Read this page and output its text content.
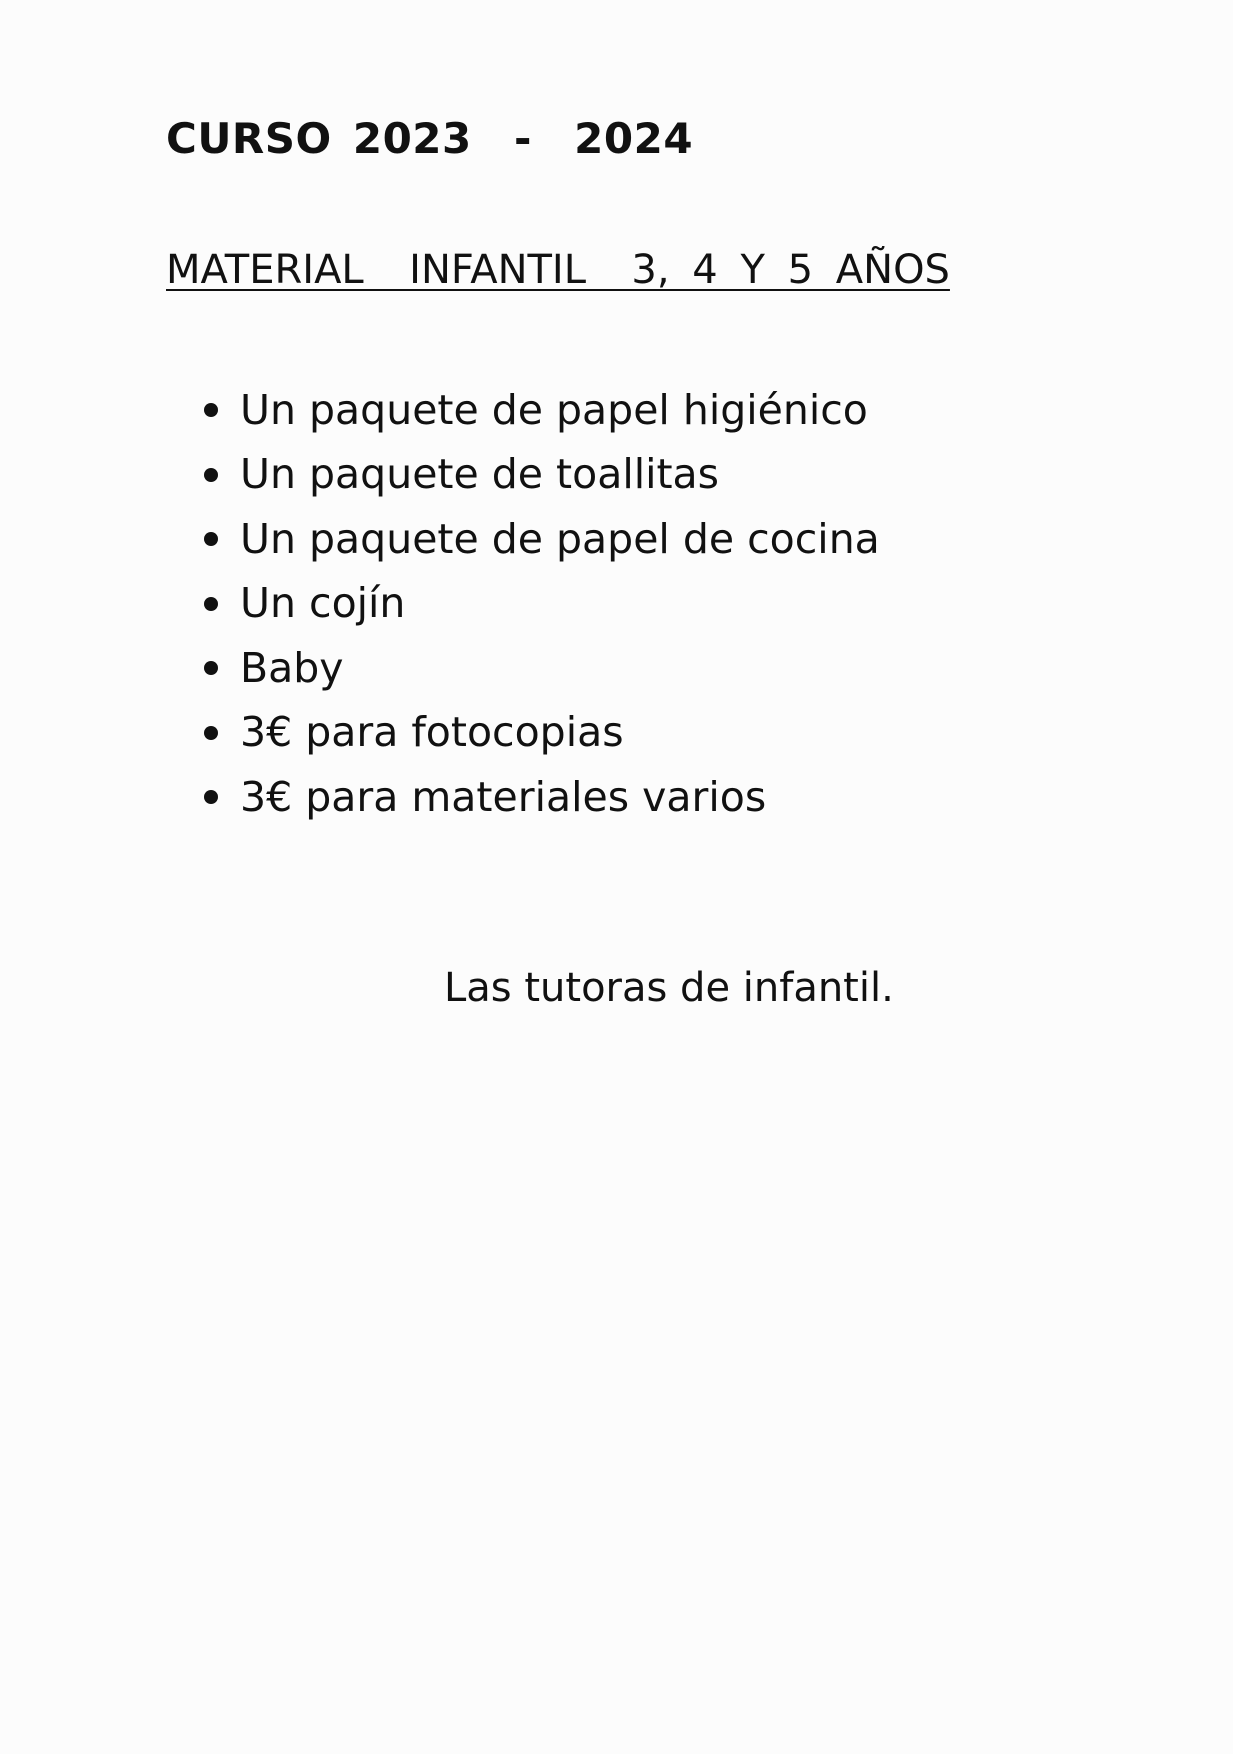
CURSO 2023  -  2024
MATERIAL  INFANTIL  3, 4 Y 5 AÑOS
Un paquete de papel higiénico
Un paquete de toallitas
Un paquete de papel de cocina
Un cojín
Baby
3€ para fotocopias
3€ para materiales varios
Las tutoras de infantil.
